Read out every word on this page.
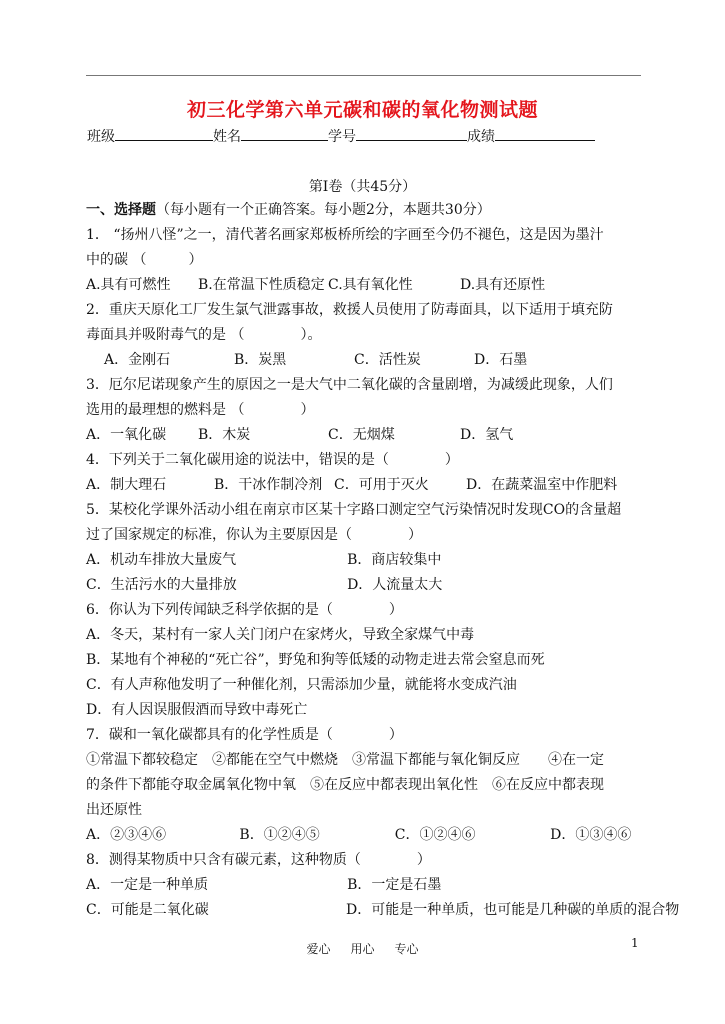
初三化学第六单元碳和碳的氧化物测试题
班级	姓名	学号	成绩
第Ⅰ卷（共45分）
一、选择题（每小题有一个正确答案。每小题2分，本题共30分）
1． “扬州八怪”之一，清代著名画家郑板桥所绘的字画至今仍不褪色，这是因为墨汁
中的碳 （　　　）
A.具有可燃性	B.在常温下性质稳定 C.具有氧化性	D.具有还原性
2．重庆天原化工厂发生氯气泄露事故，救援人员使用了防毒面具，以下适用于填充防
毒面具并吸附毒气的是 （　　　　）。
A．金刚石	B．炭黑	C．活性炭	D．石墨
3．厄尔尼诺现象产生的原因之一是大气中二氧化碳的含量剧增，为减缓此现象，人们
选用的最理想的燃料是 （　　　　）
A．一氧化碳	B．木炭	C．无烟煤	D．氢气
4．下列关于二氧化碳用途的说法中，错误的是（　　　　）
A．制大理石	B．干冰作制冷剂 C．可用于灭火	D．在蔬菜温室中作肥料
5．某校化学课外活动小组在南京市区某十字路口测定空气污染情况时发现CO的含量超
过了国家规定的标准，你认为主要原因是（　　　　）
A．机动车排放大量废气	B．商店较集中
C．生活污水的大量排放	D．人流量太大
6．你认为下列传闻缺乏科学依据的是（　　　　）
A．冬天，某村有一家人关门闭户在家烤火，导致全家煤气中毒
B．某地有个神秘的“死亡谷”，野兔和狗等低矮的动物走进去常会窒息而死
C．有人声称他发明了一种催化剂，只需添加少量，就能将水变成汽油
D．有人因误服假酒而导致中毒死亡
7．碳和一氧化碳都具有的化学性质是（　　　　）
①常温下都较稳定　②都能在空气中燃烧　③常温下都能与氧化铜反应　　④在一定
的条件下都能夺取金属氧化物中氧　⑤在反应中都表现出氧化性　⑥在反应中都表现
出还原性
A．②③④⑥	B．①②④⑤	C．①②④⑥	D．①③④⑥
8．测得某物质中只含有碳元素，这种物质（　　　　）
A．一定是一种单质	B．一定是石墨
C．可能是二氧化碳	D．可能是一种单质，也可能是几种碳的单质的混合物
爱心 用心 专心	1
